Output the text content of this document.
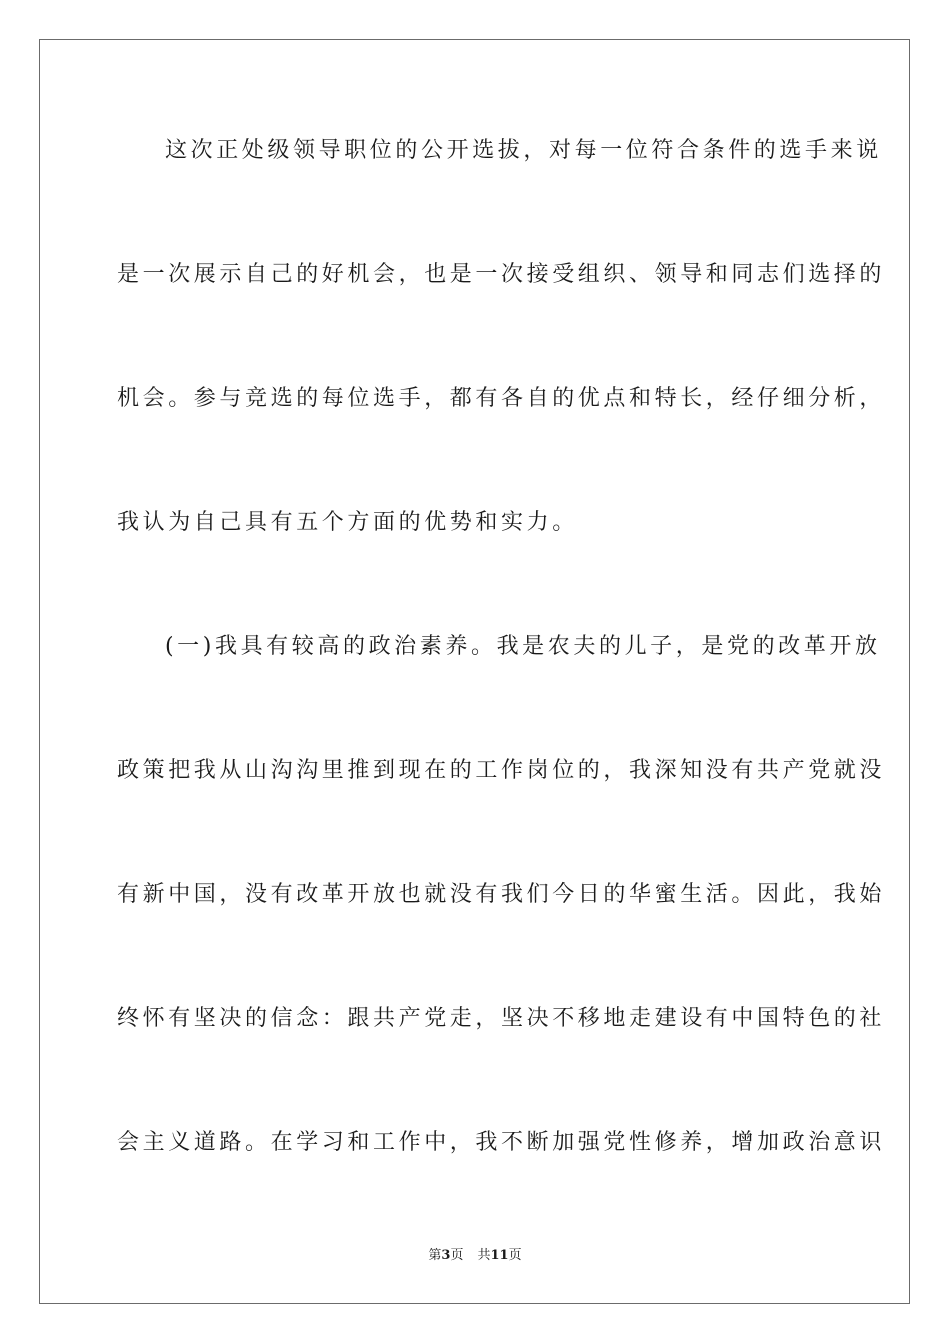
这次正处级领导职位的公开选拔，对每一位符合条件的选手来说
是一次展示自己的好机会，也是一次接受组织、领导和同志们选择的
机会。参与竞选的每位选手，都有各自的优点和特长，经仔细分析，
我认为自己具有五个方面的优势和实力。
(一)我具有较高的政治素养。我是农夫的儿子，是党的改革开放
政策把我从山沟沟里推到现在的工作岗位的，我深知没有共产党就没
有新中国，没有改革开放也就没有我们今日的华蜜生活。因此，我始
终怀有坚决的信念：跟共产党走，坚决不移地走建设有中国特色的社
会主义道路。在学习和工作中，我不断加强党性修养，增加政治意识
第3页 共11页
